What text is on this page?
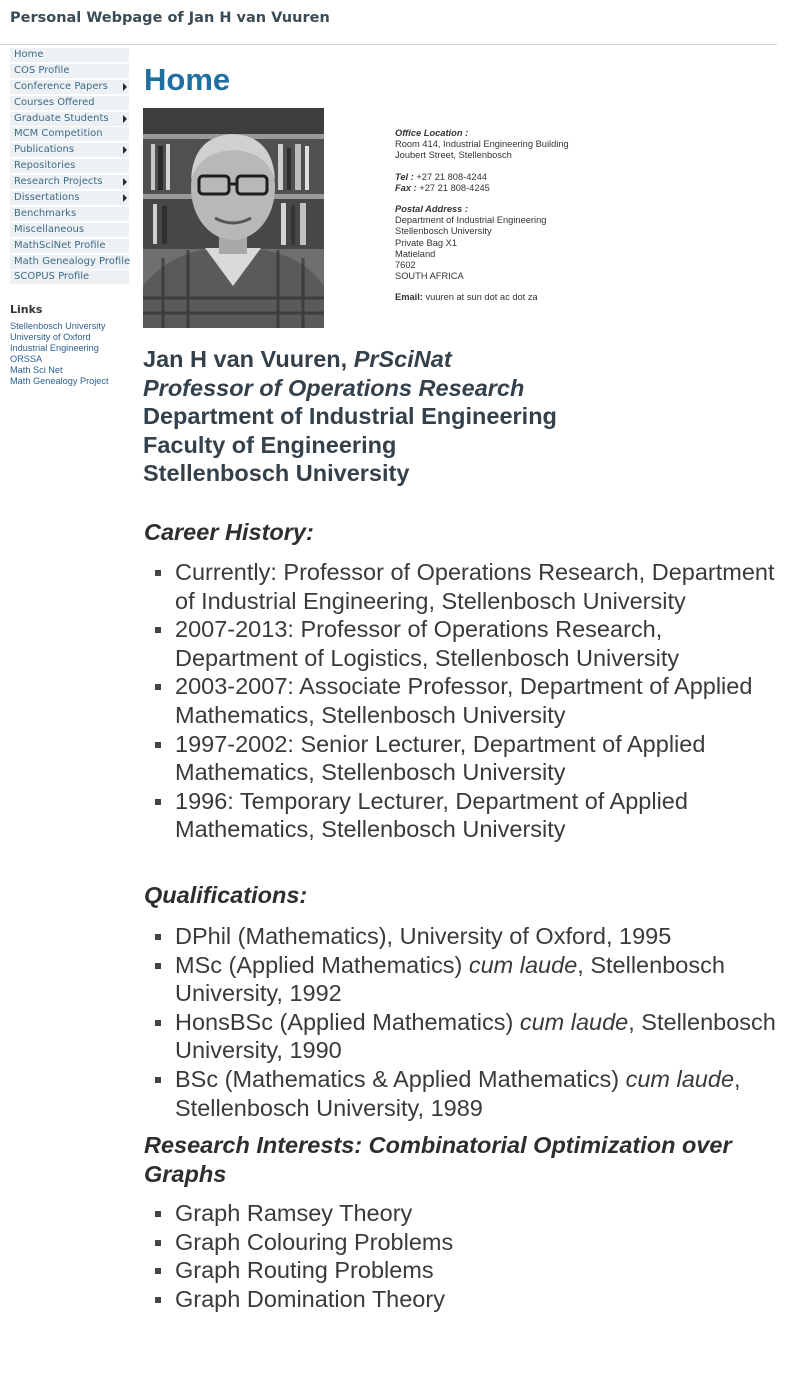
Personal Webpage of Jan H van Vuuren
Home
COS Profile
Conference Papers
Courses Offered
Graduate Students
MCM Competition
Publications
Repositories
Research Projects
Dissertations
Benchmarks
Miscellaneous
MathSciNet Profile
Math Genealogy Profile
SCOPUS Profile
Links
Stellenbosch University
University of Oxford
Industrial Engineering
ORSSA
Math Sci Net
Math Genealogy Project
Home
Office Location :
Room 414, Industrial Engineering Building
Joubert Street, Stellenbosch
Tel : +27 21 808-4244
Fax : +27 21 808-4245
Postal Address :
Department of Industrial Engineering
Stellenbosch University
Private Bag X1
Matieland
7602
SOUTH AFRICA
Email: vuuren at sun dot ac dot za
Jan H van Vuuren, PrSciNat
Professor of Operations Research
Department of Industrial Engineering
Faculty of Engineering
Stellenbosch University
Career History:
Currently: Professor of Operations Research, Department of Industrial Engineering, Stellenbosch University
2007-2013: Professor of Operations Research, Department of Logistics, Stellenbosch University
2003-2007: Associate Professor, Department of Applied Mathematics, Stellenbosch University
1997-2002: Senior Lecturer, Department of Applied Mathematics, Stellenbosch University
1996: Temporary Lecturer, Department of Applied Mathematics, Stellenbosch University
Qualifications:
DPhil (Mathematics), University of Oxford, 1995
MSc (Applied Mathematics) cum laude, Stellenbosch University, 1992
HonsBSc (Applied Mathematics) cum laude, Stellenbosch University, 1990
BSc (Mathematics & Applied Mathematics) cum laude, Stellenbosch University, 1989
Research Interests: Combinatorial Optimization over Graphs
Graph Ramsey Theory
Graph Colouring Problems
Graph Routing Problems
Graph Domination Theory
